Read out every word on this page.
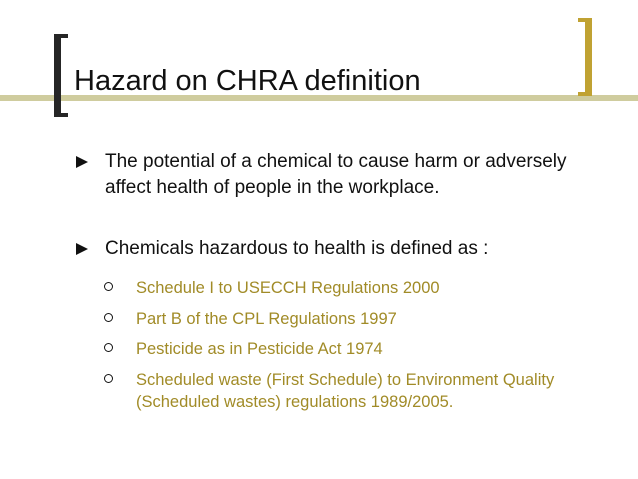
Hazard on CHRA definition
The potential of a chemical to cause harm or adversely affect health of people in the workplace.
Chemicals hazardous to health is defined as :
Schedule I to USECCH Regulations 2000
Part B of the CPL Regulations 1997
Pesticide as in Pesticide Act 1974
Scheduled waste (First Schedule) to Environment Quality (Scheduled wastes) regulations 1989/2005.
